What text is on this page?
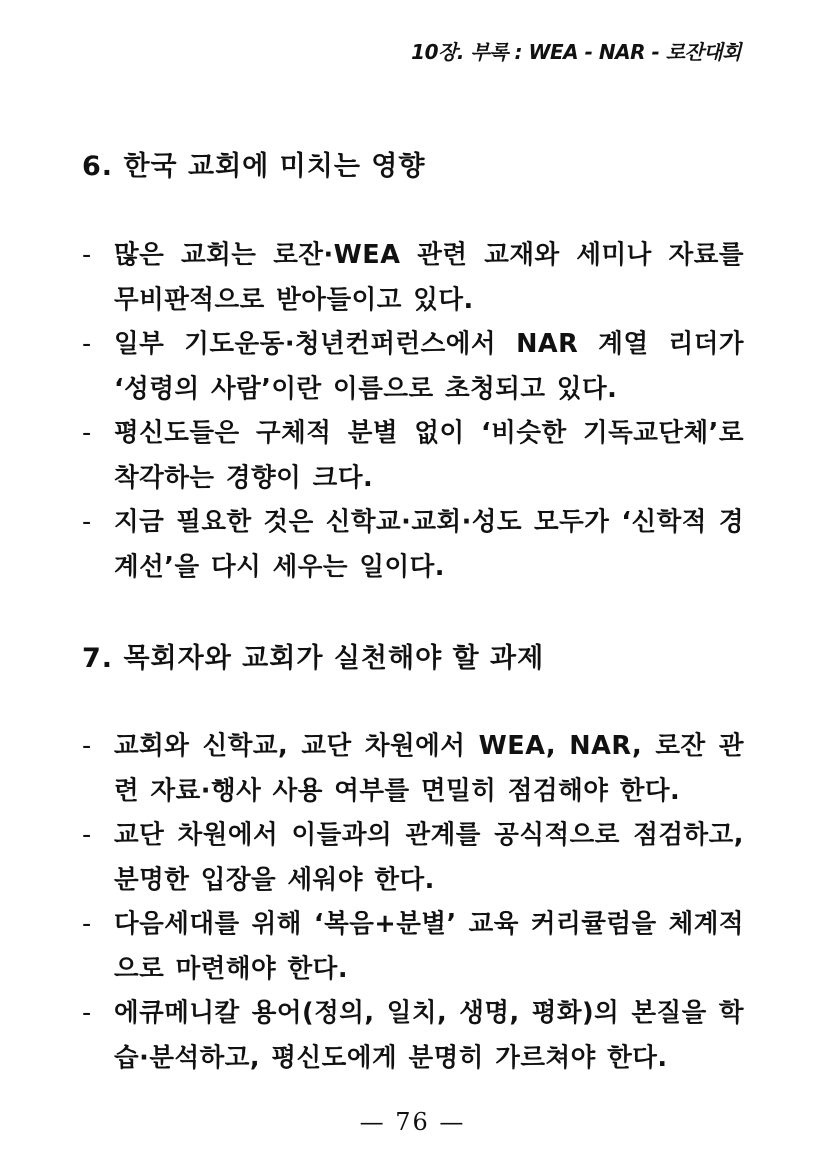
10장. 부록 : WEA - NAR - 로잔대회
6. 한국 교회에 미치는 영향
- 많은 교회는 로잔·WEA 관련 교재와 세미나 자료를 무비판적으로 받아들이고 있다.
- 일부 기도운동·청년컨퍼런스에서 NAR 계열 리더가 ‘성령의 사람’이란 이름으로 초청되고 있다.
- 평신도들은 구체적 분별 없이 ‘비슷한 기독교단체’로 착각하는 경향이 크다.
- 지금 필요한 것은 신학교·교회·성도 모두가 ‘신학적 경계선’을 다시 세우는 일이다.
7. 목회자와 교회가 실천해야 할 과제
- 교회와 신학교, 교단 차원에서 WEA, NAR, 로잔 관련 자료·행사 사용 여부를 면밀히 점검해야 한다.
- 교단 차원에서 이들과의 관계를 공식적으로 점검하고, 분명한 입장을 세워야 한다.
- 다음세대를 위해 ‘복음+분별’ 교육 커리큘럼을 체계적으로 마련해야 한다.
- 에큐메니칼 용어(정의, 일치, 생명, 평화)의 본질을 학습·분석하고, 평신도에게 분명히 가르쳐야 한다.
— 76 —
